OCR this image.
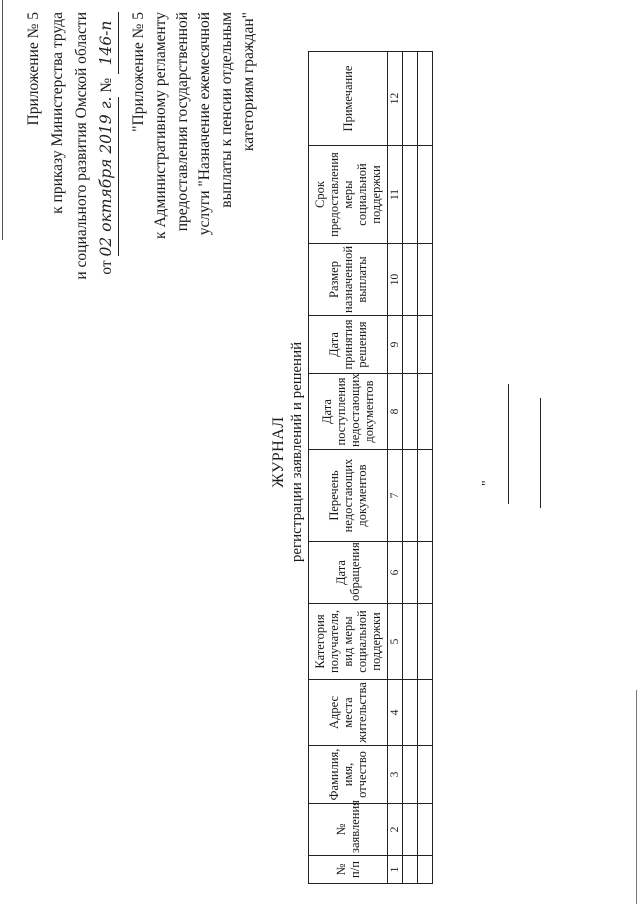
Приложение № 5 к приказу Министерства труда и социального развития Омской области от 02 октября 2019 г. № 146-п "Приложение № 5 к Административному регламенту предоставления государственной услуги "Назначение ежемесячной выплаты к пенсии отдельным категориям граждан"
ЖУРНАЛ регистрации заявлений и решений
№ п/п	№ заявления	Фамилия, имя, отчество	Адрес места жительства	Категория получателя, вид меры социальной поддержки	Дата обращения	Перечень недостающих документов	Дата поступления недостающих документов	Дата принятия решения	Размер назначенной выплаты	Срок предоставления меры социальной поддержки	Примечание
1	2	3	4	5	6	7	8	9	10	11	12

"
